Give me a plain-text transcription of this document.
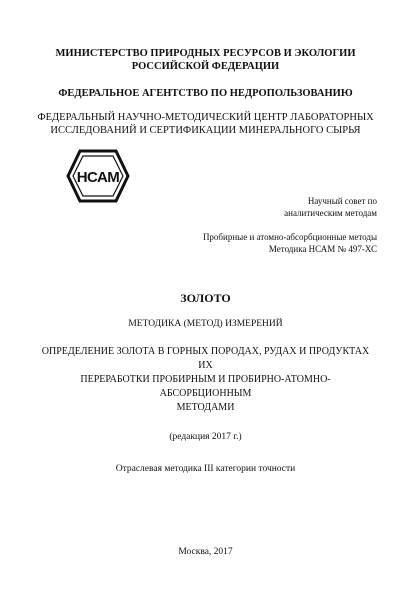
МИНИСТЕРСТВО ПРИРОДНЫХ РЕСУРСОВ И ЭКОЛОГИИ
РОССИЙСКОЙ ФЕДЕРАЦИИ
ФЕДЕРАЛЬНОЕ АГЕНТСТВО ПО НЕДРОПОЛЬЗОВАНИЮ
ФЕДЕРАЛЬНЫЙ НАУЧНО-МЕТОДИЧЕСКИЙ ЦЕНТР ЛАБОРАТОРНЫХ
ИССЛЕДОВАНИЙ И СЕРТИФИКАЦИИ МИНЕРАЛЬНОГО СЫРЬЯ
НСАМ
Научный совет по
аналитическим методам
Пробирные и атомно-абсорбционные методы
Методика НСАМ № 497-ХС
ЗОЛОТО
МЕТОДИКА (МЕТОД) ИЗМЕРЕНИЙ
ОПРЕДЕЛЕНИЕ ЗОЛОТА В ГОРНЫХ ПОРОДАХ, РУДАХ И ПРОДУКТАХ ИХ
ПЕРЕРАБОТКИ ПРОБИРНЫМ И ПРОБИРНО-АТОМНО-АБСОРБЦИОННЫМ
МЕТОДАМИ
(редакция 2017 г.)
Отраслевая методика III категории точности
Москва, 2017
